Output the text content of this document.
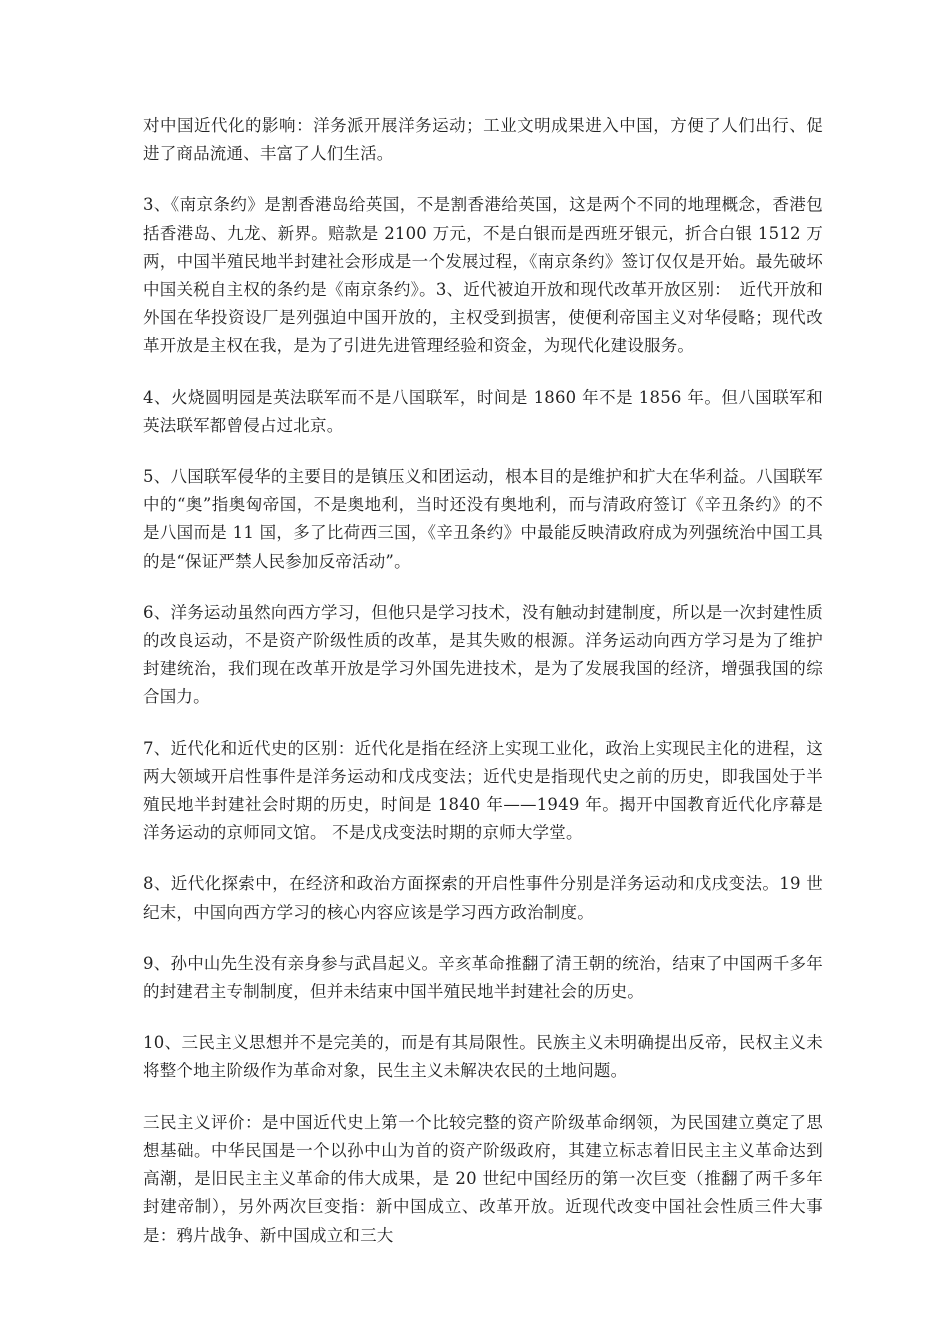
对中国近代化的影响：洋务派开展洋务运动；工业文明成果进入中国，方便了人们出行、促进了商品流通、丰富了人们生活。

3、《南京条约》是割香港岛给英国，不是割香港给英国，这是两个不同的地理概念，香港包括香港岛、九龙、新界。赔款是 2100 万元，不是白银而是西班牙银元，折合白银 1512 万两，中国半殖民地半封建社会形成是一个发展过程，《南京条约》签订仅仅是开始。最先破坏中国关税自主权的条约是《南京条约》。3、近代被迫开放和现代改革开放区别：　近代开放和外国在华投资设厂是列强迫中国开放的，主权受到损害，使便利帝国主义对华侵略；现代改革开放是主权在我，是为了引进先进管理经验和资金，为现代化建设服务。

4、火烧圆明园是英法联军而不是八国联军，时间是 1860 年不是 1856 年。但八国联军和英法联军都曾侵占过北京。

5、八国联军侵华的主要目的是镇压义和团运动，根本目的是维护和扩大在华利益。八国联军中的“奥”指奥匈帝国，不是奥地利，当时还没有奥地利，而与清政府签订《辛丑条约》的不是八国而是 11 国，多了比荷西三国，《辛丑条约》中最能反映清政府成为列强统治中国工具的是“保证严禁人民参加反帝活动”。

6、洋务运动虽然向西方学习，但他只是学习技术，没有触动封建制度，所以是一次封建性质的改良运动，不是资产阶级性质的改革，是其失败的根源。洋务运动向西方学习是为了维护封建统治，我们现在改革开放是学习外国先进技术，是为了发展我国的经济，增强我国的综合国力。

7、近代化和近代史的区别：近代化是指在经济上实现工业化，政治上实现民主化的进程，这两大领域开启性事件是洋务运动和戊戌变法；近代史是指现代史之前的历史，即我国处于半殖民地半封建社会时期的历史，时间是 1840 年——1949 年。揭开中国教育近代化序幕是洋务运动的京师同文馆。 不是戊戌变法时期的京师大学堂。

8、近代化探索中，在经济和政治方面探索的开启性事件分别是洋务运动和戊戌变法。19 世纪末，中国向西方学习的核心内容应该是学习西方政治制度。

9、孙中山先生没有亲身参与武昌起义。辛亥革命推翻了清王朝的统治，结束了中国两千多年的封建君主专制制度，但并未结束中国半殖民地半封建社会的历史。

10、三民主义思想并不是完美的，而是有其局限性。民族主义未明确提出反帝，民权主义未将整个地主阶级作为革命对象，民生主义未解决农民的土地问题。

三民主义评价：是中国近代史上第一个比较完整的资产阶级革命纲领，为民国建立奠定了思想基础。中华民国是一个以孙中山为首的资产阶级政府，其建立标志着旧民主主义革命达到高潮，是旧民主主义革命的伟大成果，是 20 世纪中国经历的第一次巨变（推翻了两千多年封建帝制），另外两次巨变指：新中国成立、改革开放。近现代改变中国社会性质三件大事是：鸦片战争、新中国成立和三大
